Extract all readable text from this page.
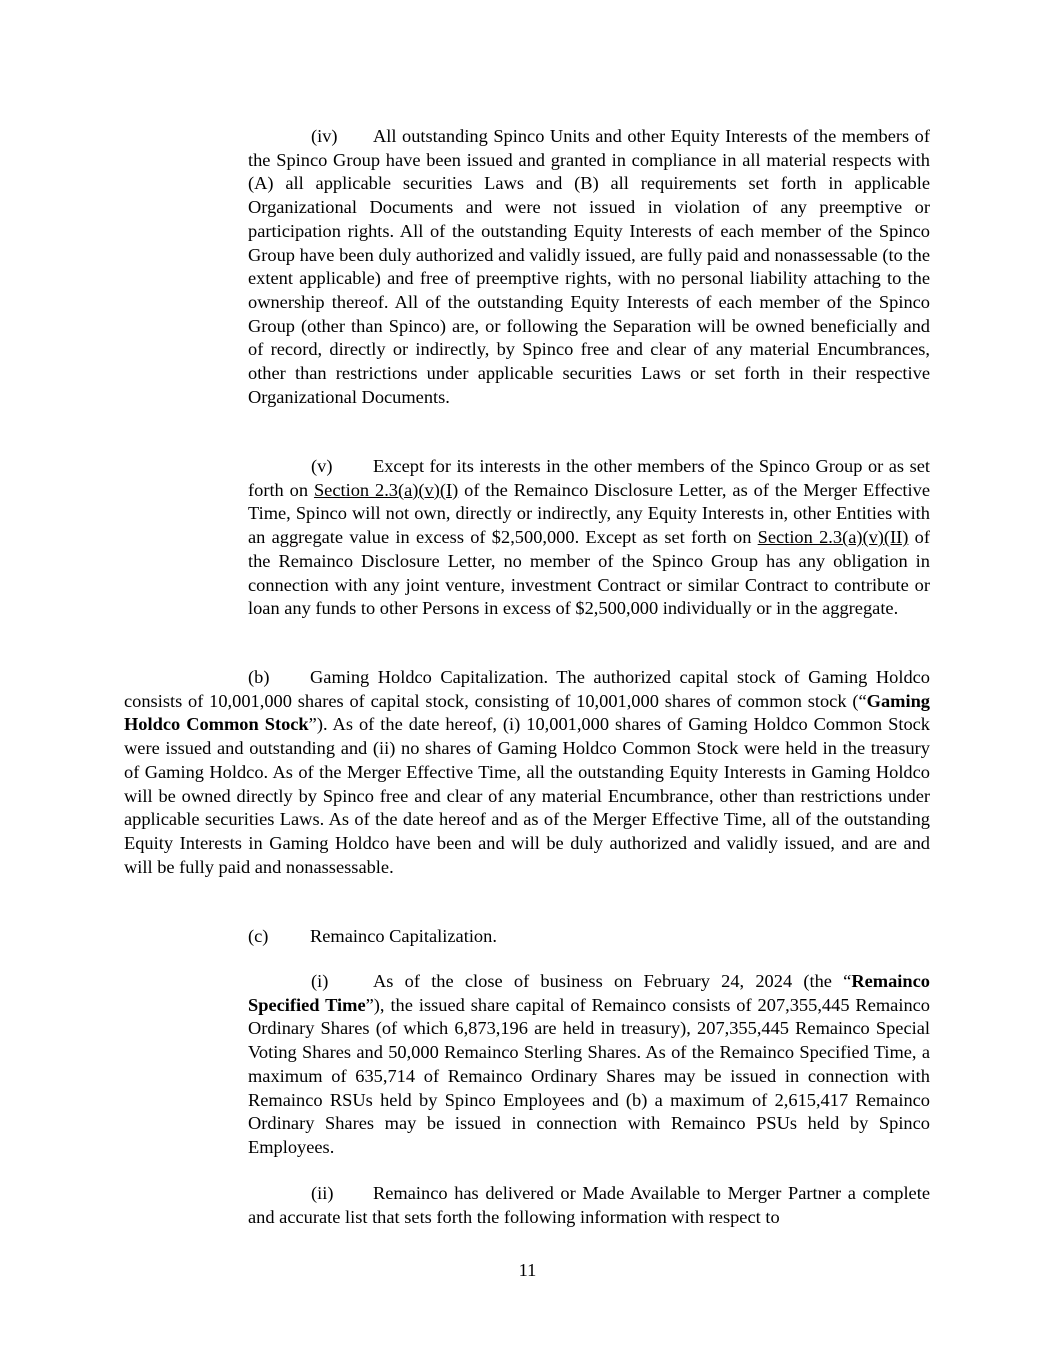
(iv) All outstanding Spinco Units and other Equity Interests of the members of the Spinco Group have been issued and granted in compliance in all material respects with (A) all applicable securities Laws and (B) all requirements set forth in applicable Organizational Documents and were not issued in violation of any preemptive or participation rights. All of the outstanding Equity Interests of each member of the Spinco Group have been duly authorized and validly issued, are fully paid and nonassessable (to the extent applicable) and free of preemptive rights, with no personal liability attaching to the ownership thereof. All of the outstanding Equity Interests of each member of the Spinco Group (other than Spinco) are, or following the Separation will be owned beneficially and of record, directly or indirectly, by Spinco free and clear of any material Encumbrances, other than restrictions under applicable securities Laws or set forth in their respective Organizational Documents.

(v) Except for its interests in the other members of the Spinco Group or as set forth on Section 2.3(a)(v)(I) of the Remainco Disclosure Letter, as of the Merger Effective Time, Spinco will not own, directly or indirectly, any Equity Interests in, other Entities with an aggregate value in excess of $2,500,000. Except as set forth on Section 2.3(a)(v)(II) of the Remainco Disclosure Letter, no member of the Spinco Group has any obligation in connection with any joint venture, investment Contract or similar Contract to contribute or loan any funds to other Persons in excess of $2,500,000 individually or in the aggregate.

(b) Gaming Holdco Capitalization. The authorized capital stock of Gaming Holdco consists of 10,001,000 shares of capital stock, consisting of 10,001,000 shares of common stock (“Gaming Holdco Common Stock”). As of the date hereof, (i) 10,001,000 shares of Gaming Holdco Common Stock were issued and outstanding and (ii) no shares of Gaming Holdco Common Stock were held in the treasury of Gaming Holdco. As of the Merger Effective Time, all the outstanding Equity Interests in Gaming Holdco will be owned directly by Spinco free and clear of any material Encumbrance, other than restrictions under applicable securities Laws. As of the date hereof and as of the Merger Effective Time, all of the outstanding Equity Interests in Gaming Holdco have been and will be duly authorized and validly issued, and are and will be fully paid and nonassessable.

(c) Remainco Capitalization.

(i) As of the close of business on February 24, 2024 (the “Remainco Specified Time”), the issued share capital of Remainco consists of 207,355,445 Remainco Ordinary Shares (of which 6,873,196 are held in treasury), 207,355,445 Remainco Special Voting Shares and 50,000 Remainco Sterling Shares. As of the Remainco Specified Time, a maximum of 635,714 of Remainco Ordinary Shares may be issued in connection with Remainco RSUs held by Spinco Employees and (b) a maximum of 2,615,417 Remainco Ordinary Shares may be issued in connection with Remainco PSUs held by Spinco Employees.

(ii) Remainco has delivered or Made Available to Merger Partner a complete and accurate list that sets forth the following information with respect to

11
